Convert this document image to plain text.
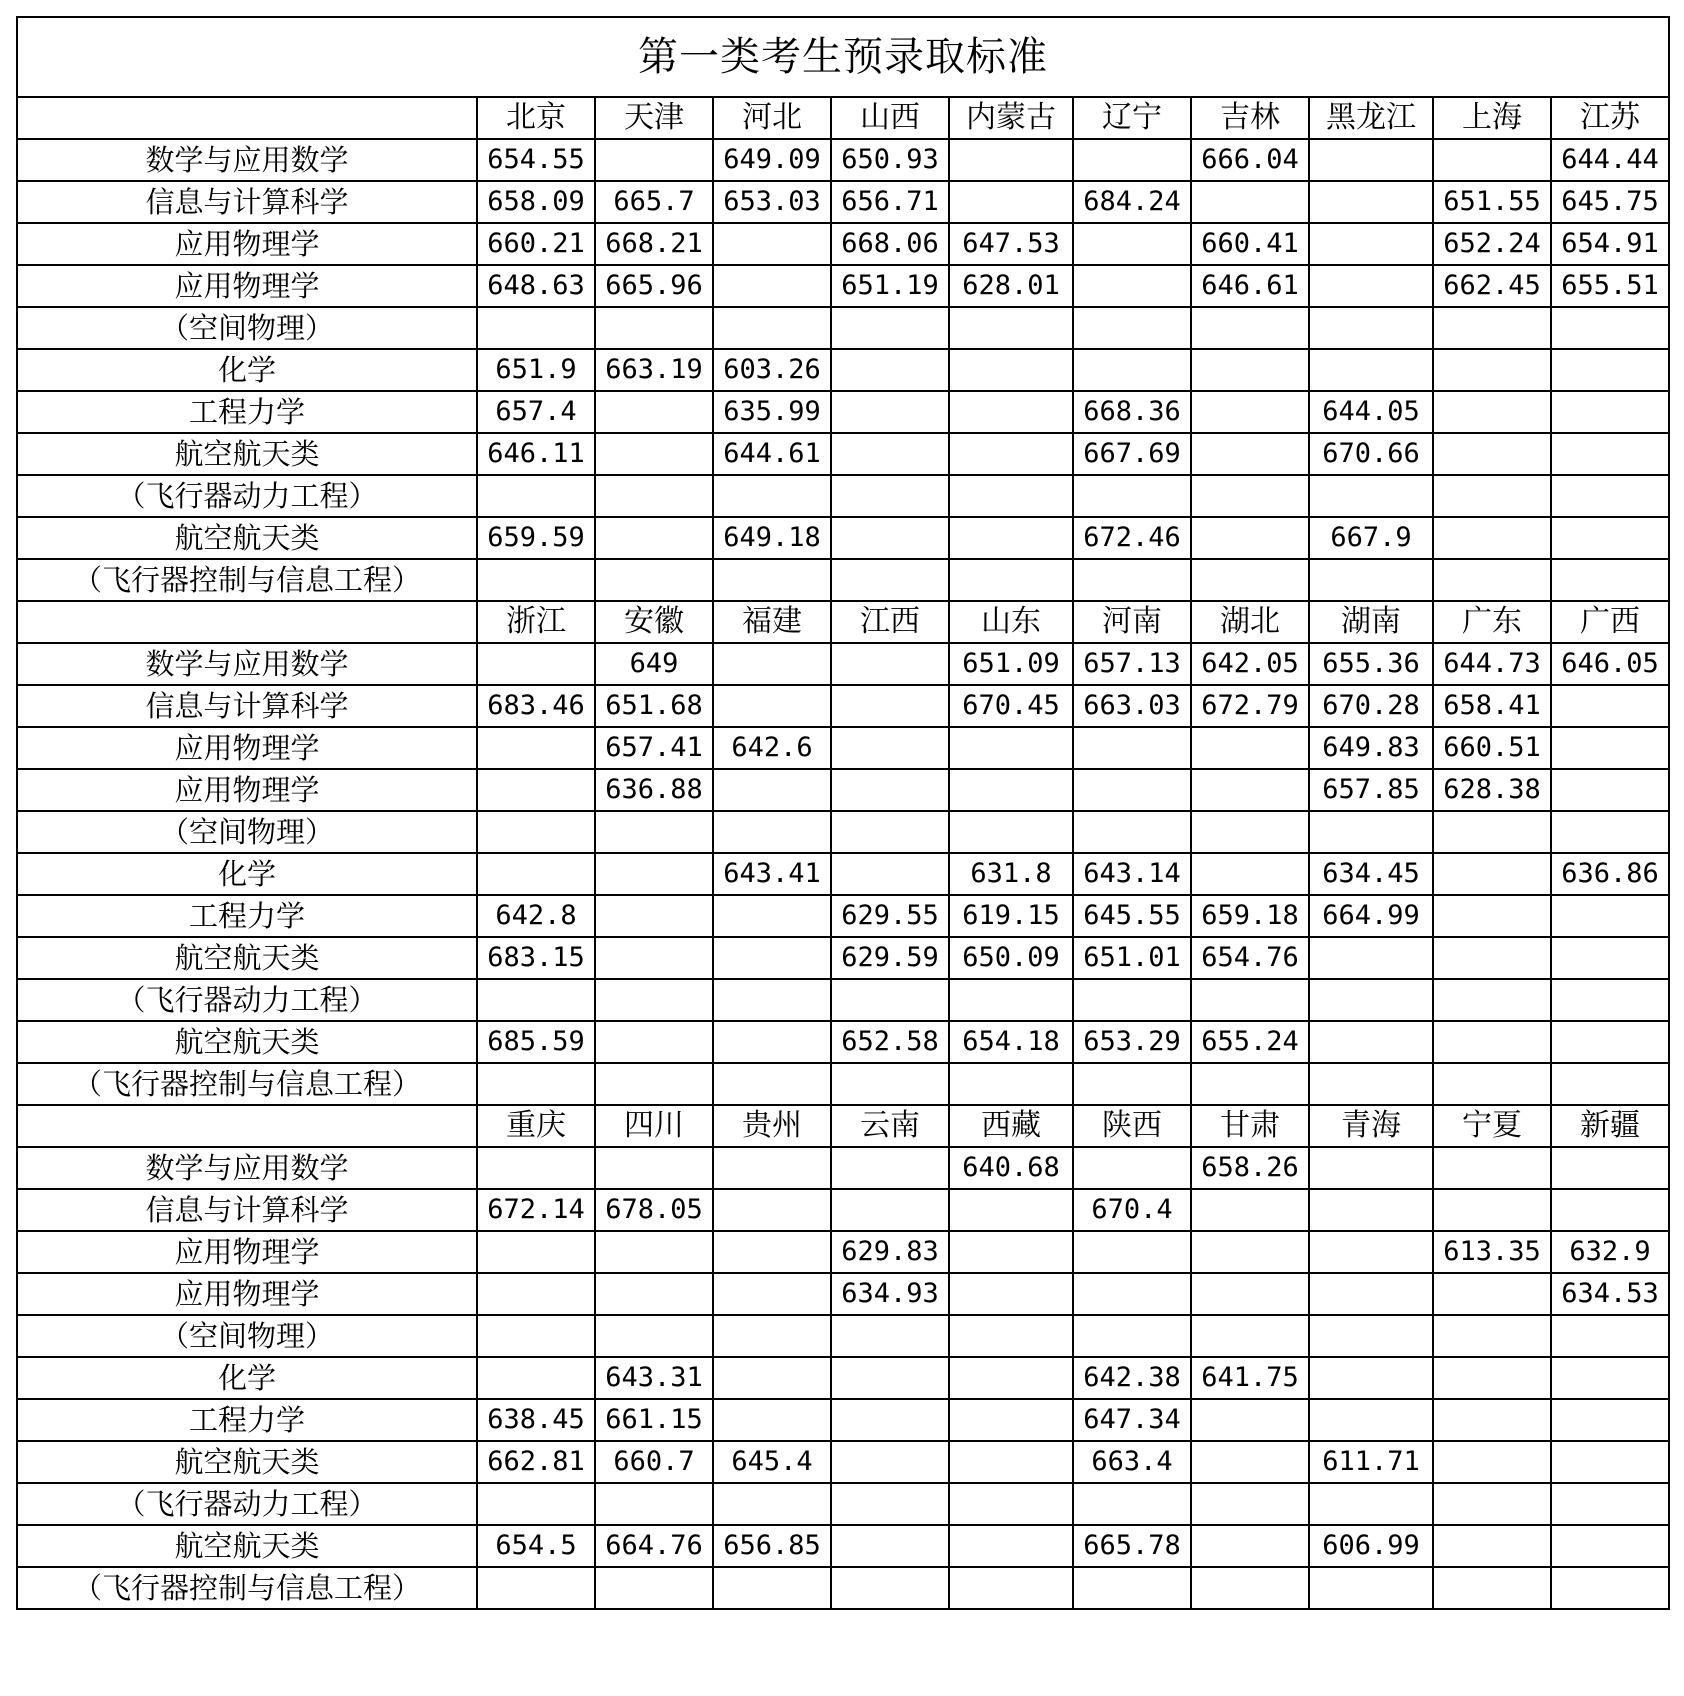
第一类考生预录取标准										
	北京	天津	河北	山西	内蒙古	辽宁	吉林	黑龙江	上海	江苏
数学与应用数学	654.55		649.09	650.93			666.04			644.44
信息与计算科学	658.09	665.7	653.03	656.71		684.24			651.55	645.75
应用物理学	660.21	668.21		668.06	647.53		660.41		652.24	654.91
应用物理学	648.63	665.96		651.19	628.01		646.61		662.45	655.51
（空间物理）										
化学	651.9	663.19	603.26							
工程力学	657.4		635.99			668.36		644.05		
航空航天类	646.11		644.61			667.69		670.66		
（飞行器动力工程）										
航空航天类	659.59		649.18			672.46		667.9		
（飞行器控制与信息工程）										
	浙江	安徽	福建	江西	山东	河南	湖北	湖南	广东	广西
数学与应用数学		649			651.09	657.13	642.05	655.36	644.73	646.05
信息与计算科学	683.46	651.68			670.45	663.03	672.79	670.28	658.41	
应用物理学		657.41	642.6					649.83	660.51	
应用物理学		636.88						657.85	628.38	
（空间物理）										
化学			643.41		631.8	643.14		634.45		636.86
工程力学	642.8			629.55	619.15	645.55	659.18	664.99		
航空航天类	683.15			629.59	650.09	651.01	654.76			
（飞行器动力工程）										
航空航天类	685.59			652.58	654.18	653.29	655.24			
（飞行器控制与信息工程）										
	重庆	四川	贵州	云南	西藏	陕西	甘肃	青海	宁夏	新疆
数学与应用数学					640.68		658.26			
信息与计算科学	672.14	678.05				670.4				
应用物理学				629.83					613.35	632.9
应用物理学				634.93						634.53
（空间物理）										
化学		643.31				642.38	641.75			
工程力学	638.45	661.15				647.34				
航空航天类	662.81	660.7	645.4			663.4		611.71		
（飞行器动力工程）										
航空航天类	654.5	664.76	656.85			665.78		606.99		
（飞行器控制与信息工程）										
